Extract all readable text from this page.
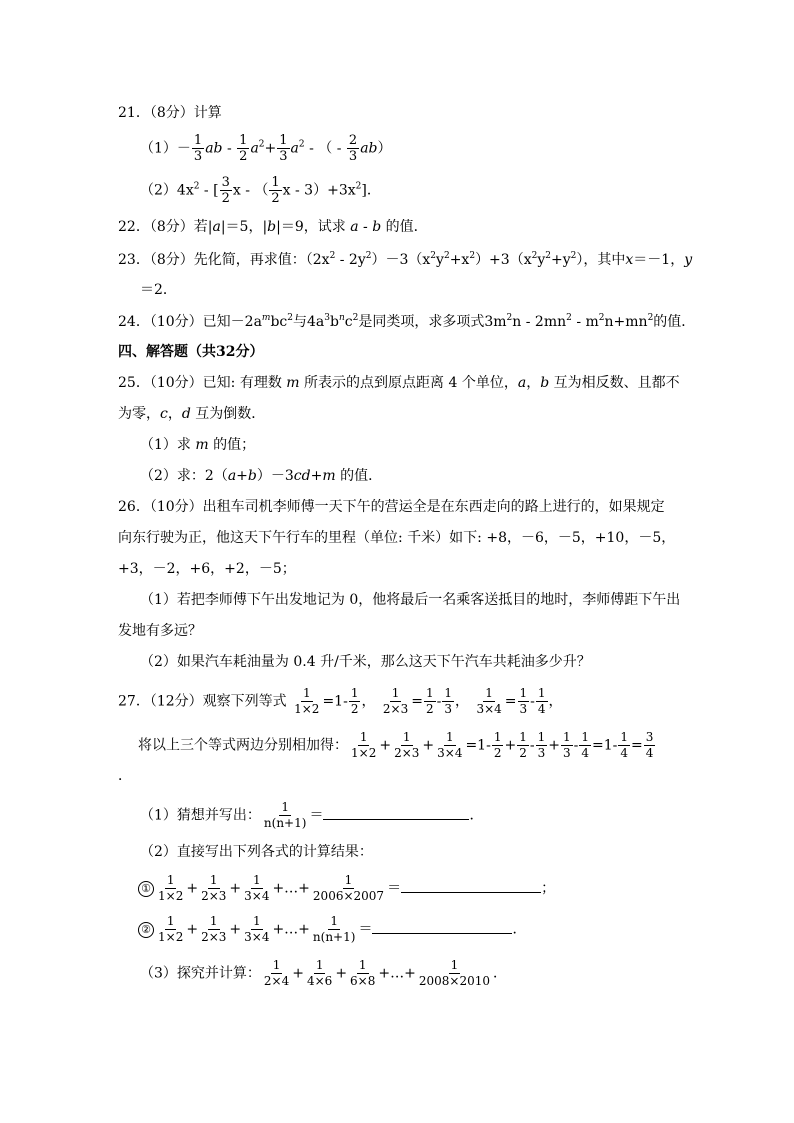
21．（8分）计算
$(1)- \frac{1}{3}$ ab - $\frac{1}{2} a^2+ \frac{1}{3} a^2$ - （ - $\frac{2}{3} ab$）
$(2)4x^2$ - [ $\frac{3}{2}$ x - （ $\frac{1}{2}$ $x - 3)+3x^2$]．
22．（8分）若|a|＝5，|b|＝9，试求 a - b 的值．
23．（8分）先化简，再求值：$(2x^2 - 2y^2)-3(x^2y^2+x^2)+3(x^2y^2+y^2)$，其中x＝－1，y
＝2．
24．（10分）已知$-2a^mbc^2$与$4a^3b^nc^2$是同类项，求多项式$3m^2n - 2mn^2 - m^2n+mn^2$的值．
四、解答题（共32分）
25．（10分）已知: 有理数 m 所表示的点到原点距离 4 个单位，a，b 互为相反数、且都不
为零，c，d 互为倒数．
（1）求 m 的值；
（2）求：2（a+b）－3cd+m 的值．
26．（10分）出租车司机李师傅一天下午的营运全是在东西走向的路上进行的，如果规定
向东行驶为正，他这天下午行车的里程（单位: 千米）如下: +8，－6，－5，+10，－5，
+3，－2，+6，+2，－5；
（1）若把李师傅下午出发地记为 0，他将最后一名乘客送抵目的地时，李师傅距下午出
发地有多远？
（2）如果汽车耗油量为 0.4 升/千米，那么这天下午汽车共耗油多少升？
27．（12分）观察下列等式 $\frac{1}{1\times 2} =1- \frac{1}{2}$ ， $\frac{1}{2\times 3} = \frac{1}{2} - \frac{1}{3}$ ， $\frac{1}{3\times 4} = \frac{1}{3} - \frac{1}{4}$ ，
将以上三个等式两边分别相加得： $\frac{1}{1\times 2} + \frac{1}{2\times 3} + \frac{1}{3\times 4} =1- \frac{1}{2} + \frac{1}{2} - \frac{1}{3} + \frac{1}{3} - \frac{1}{4} =1- \frac{1}{4} = \frac{3}{4}$
．
（1）猜想并写出： $\frac{1}{n(n+1)}$ ＝	．
（2）直接写出下列各式的计算结果：
① $\frac{1}{1\times 2} + \frac{1}{2\times 3} + \frac{1}{3\times 4}$ +…+ $\frac{1}{2006\times 2007}$ ＝	；
② $\frac{1}{1\times 2} + \frac{1}{2\times 3} + \frac{1}{3\times 4}$ +…+ $\frac{1}{n(n+1)}$ ＝	．
（3）探究并计算： $\frac{1}{2\times 4} + \frac{1}{4\times 6} + \frac{1}{6\times 8}$ +…+ $\frac{1}{2008\times 2010}$ ．
